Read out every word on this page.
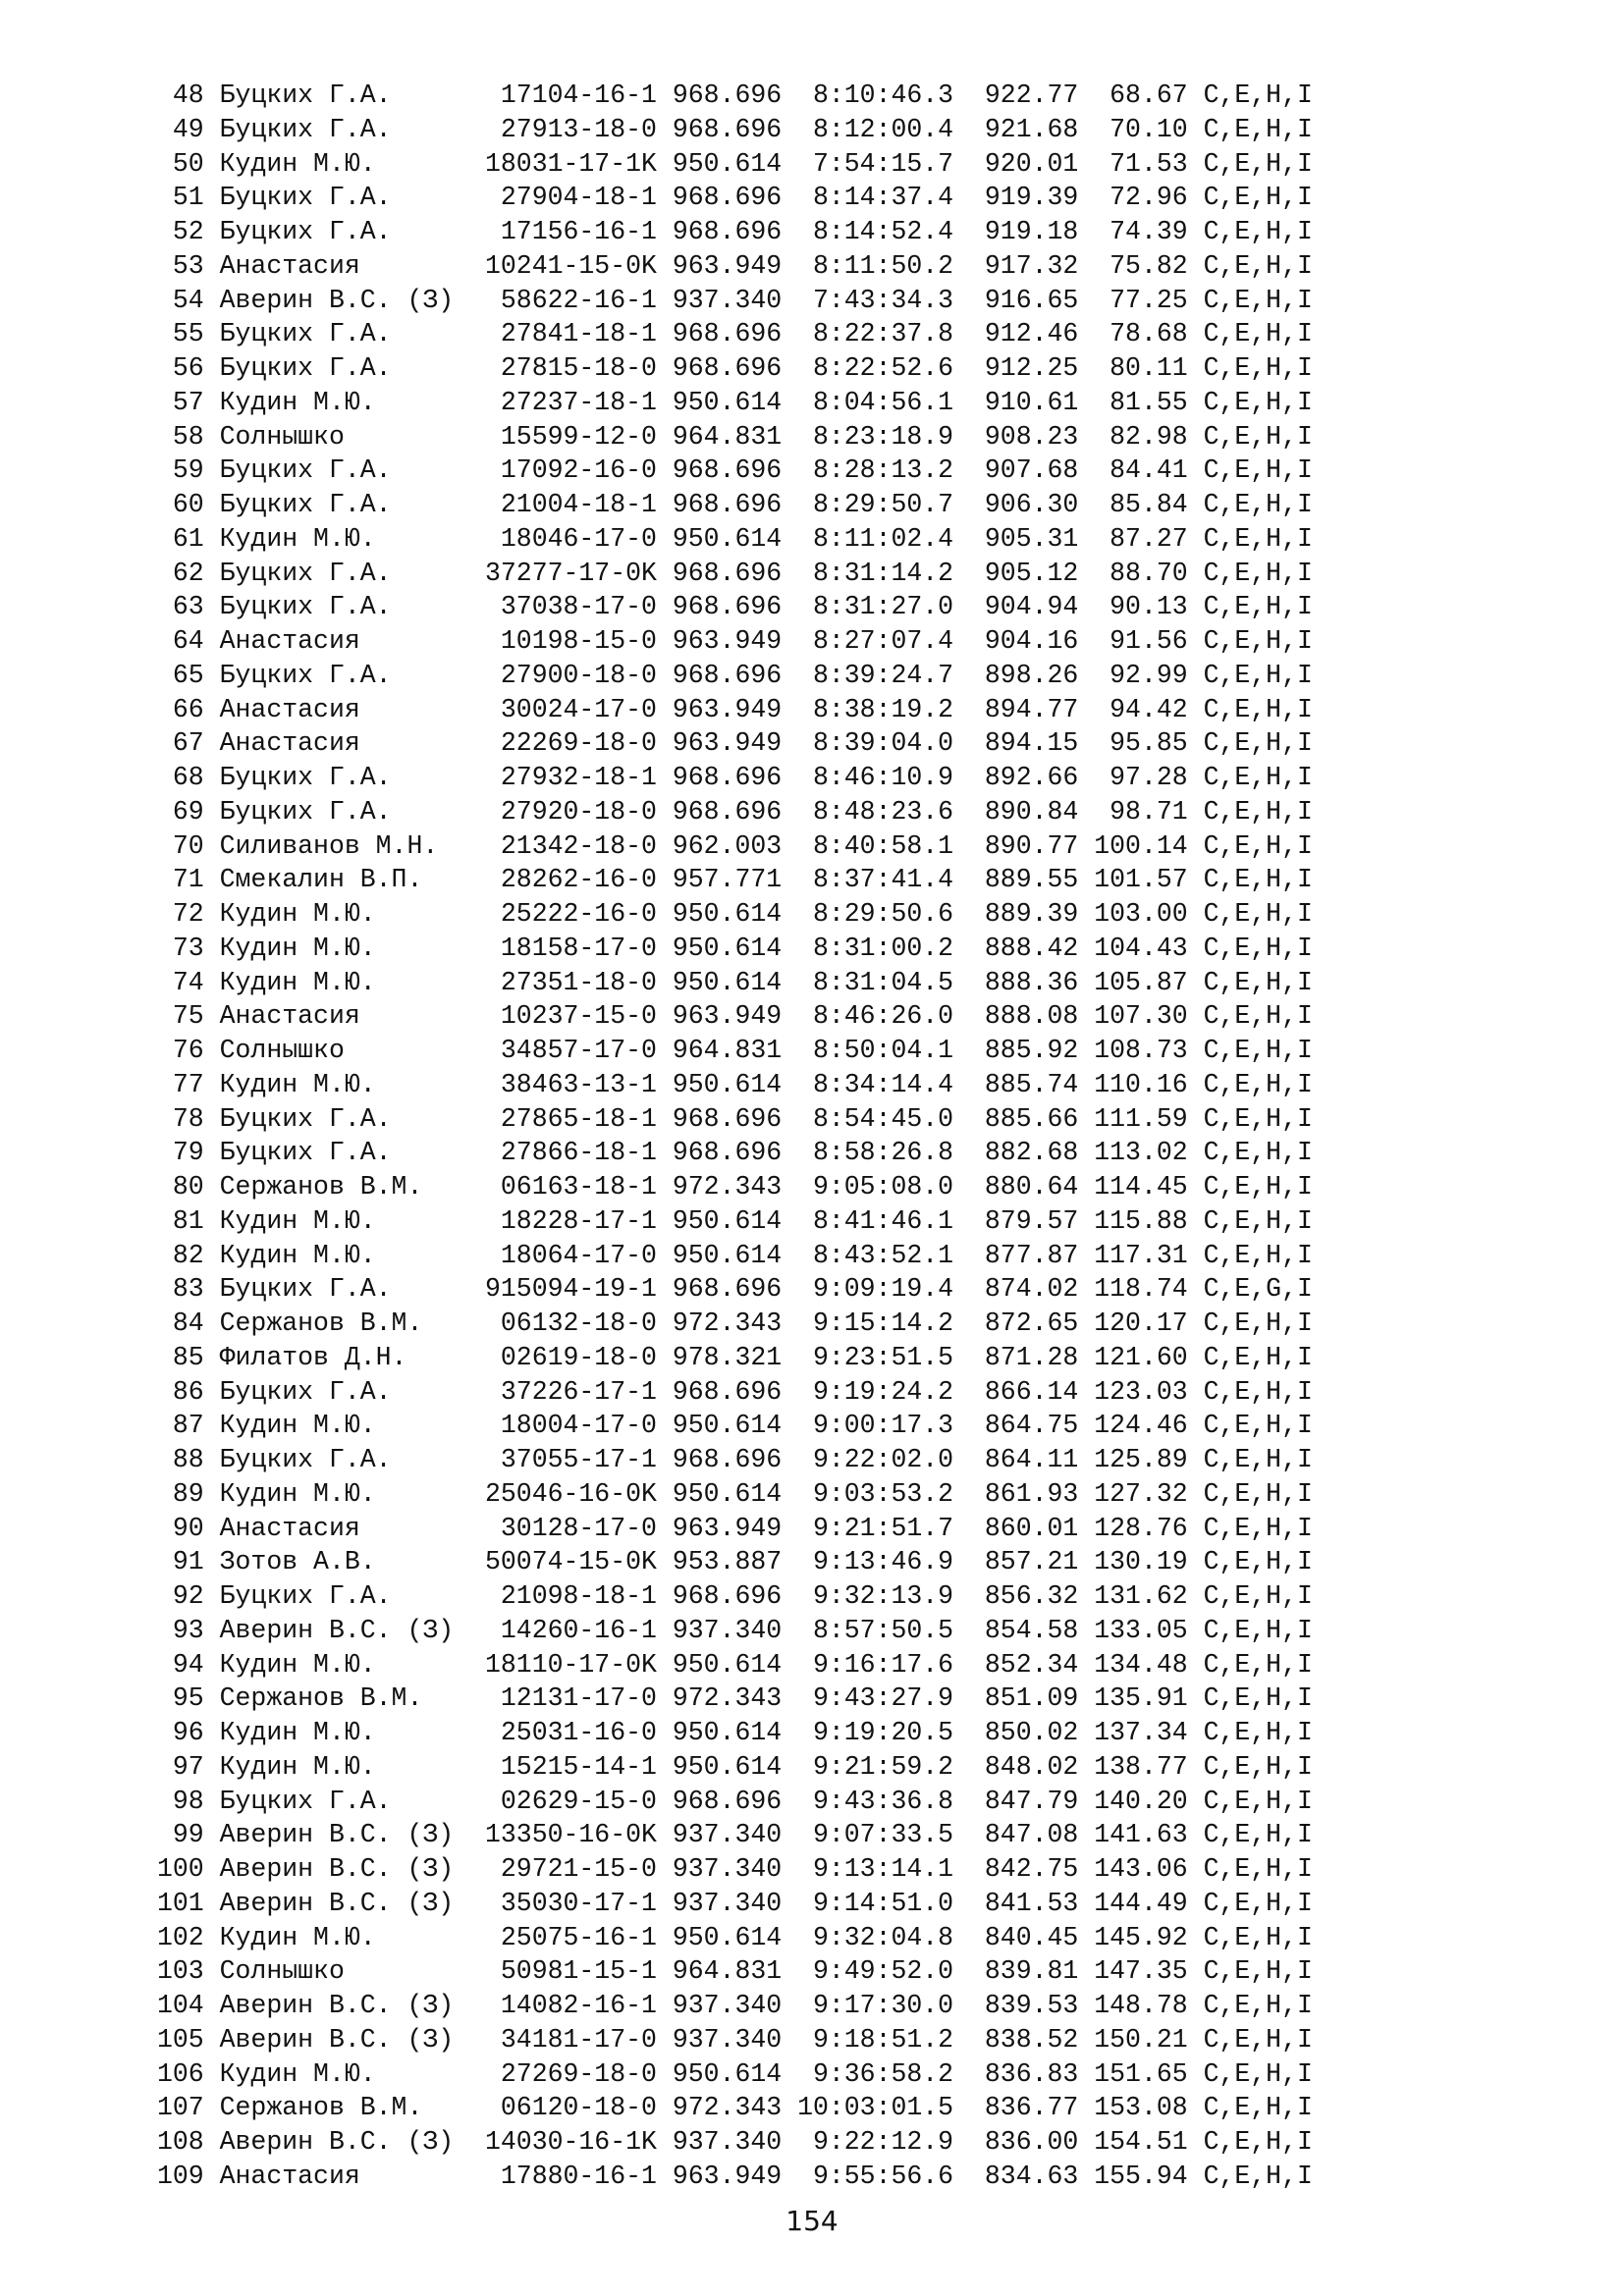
48 Буцких Г.А.       17104-16-1 968.696  8:10:46.3  922.77  68.67 C,E,H,I
49 Буцких Г.А.       27913-18-0 968.696  8:12:00.4  921.68  70.10 C,E,H,I
50 Кудин М.Ю.       18031-17-1K 950.614  7:54:15.7  920.01  71.53 C,E,H,I
51 Буцких Г.А.       27904-18-1 968.696  8:14:37.4  919.39  72.96 C,E,H,I
52 Буцких Г.А.       17156-16-1 968.696  8:14:52.4  919.18  74.39 C,E,H,I
53 Анастасия        10241-15-0K 963.949  8:11:50.2  917.32  75.82 C,E,H,I
54 Аверин В.С. (З)   58622-16-1 937.340  7:43:34.3  916.65  77.25 C,E,H,I
55 Буцких Г.А.       27841-18-1 968.696  8:22:37.8  912.46  78.68 C,E,H,I
56 Буцких Г.А.       27815-18-0 968.696  8:22:52.6  912.25  80.11 C,E,H,I
57 Кудин М.Ю.        27237-18-1 950.614  8:04:56.1  910.61  81.55 C,E,H,I
58 Солнышко          15599-12-0 964.831  8:23:18.9  908.23  82.98 C,E,H,I
59 Буцких Г.А.       17092-16-0 968.696  8:28:13.2  907.68  84.41 C,E,H,I
60 Буцких Г.А.       21004-18-1 968.696  8:29:50.7  906.30  85.84 C,E,H,I
61 Кудин М.Ю.        18046-17-0 950.614  8:11:02.4  905.31  87.27 C,E,H,I
62 Буцких Г.А.      37277-17-0K 968.696  8:31:14.2  905.12  88.70 C,E,H,I
63 Буцких Г.А.       37038-17-0 968.696  8:31:27.0  904.94  90.13 C,E,H,I
64 Анастасия         10198-15-0 963.949  8:27:07.4  904.16  91.56 C,E,H,I
65 Буцких Г.А.       27900-18-0 968.696  8:39:24.7  898.26  92.99 C,E,H,I
66 Анастасия         30024-17-0 963.949  8:38:19.2  894.77  94.42 C,E,H,I
67 Анастасия         22269-18-0 963.949  8:39:04.0  894.15  95.85 C,E,H,I
68 Буцких Г.А.       27932-18-1 968.696  8:46:10.9  892.66  97.28 C,E,H,I
69 Буцких Г.А.       27920-18-0 968.696  8:48:23.6  890.84  98.71 C,E,H,I
70 Силиванов М.Н.    21342-18-0 962.003  8:40:58.1  890.77 100.14 C,E,H,I
71 Смекалин В.П.     28262-16-0 957.771  8:37:41.4  889.55 101.57 C,E,H,I
72 Кудин М.Ю.        25222-16-0 950.614  8:29:50.6  889.39 103.00 C,E,H,I
73 Кудин М.Ю.        18158-17-0 950.614  8:31:00.2  888.42 104.43 C,E,H,I
74 Кудин М.Ю.        27351-18-0 950.614  8:31:04.5  888.36 105.87 C,E,H,I
75 Анастасия         10237-15-0 963.949  8:46:26.0  888.08 107.30 C,E,H,I
76 Солнышко          34857-17-0 964.831  8:50:04.1  885.92 108.73 C,E,H,I
77 Кудин М.Ю.        38463-13-1 950.614  8:34:14.4  885.74 110.16 C,E,H,I
78 Буцких Г.А.       27865-18-1 968.696  8:54:45.0  885.66 111.59 C,E,H,I
79 Буцких Г.А.       27866-18-1 968.696  8:58:26.8  882.68 113.02 C,E,H,I
80 Сержанов В.М.     06163-18-1 972.343  9:05:08.0  880.64 114.45 C,E,H,I
81 Кудин М.Ю.        18228-17-1 950.614  8:41:46.1  879.57 115.88 C,E,H,I
82 Кудин М.Ю.        18064-17-0 950.614  8:43:52.1  877.87 117.31 C,E,H,I
83 Буцких Г.А.      915094-19-1 968.696  9:09:19.4  874.02 118.74 C,E,G,I
84 Сержанов В.М.     06132-18-0 972.343  9:15:14.2  872.65 120.17 C,E,H,I
85 Филатов Д.Н.      02619-18-0 978.321  9:23:51.5  871.28 121.60 C,E,H,I
86 Буцких Г.А.       37226-17-1 968.696  9:19:24.2  866.14 123.03 C,E,H,I
87 Кудин М.Ю.        18004-17-0 950.614  9:00:17.3  864.75 124.46 C,E,H,I
88 Буцких Г.А.       37055-17-1 968.696  9:22:02.0  864.11 125.89 C,E,H,I
89 Кудин М.Ю.       25046-16-0K 950.614  9:03:53.2  861.93 127.32 C,E,H,I
90 Анастасия         30128-17-0 963.949  9:21:51.7  860.01 128.76 C,E,H,I
91 Зотов А.В.       50074-15-0K 953.887  9:13:46.9  857.21 130.19 C,E,H,I
92 Буцких Г.А.       21098-18-1 968.696  9:32:13.9  856.32 131.62 C,E,H,I
93 Аверин В.С. (З)   14260-16-1 937.340  8:57:50.5  854.58 133.05 C,E,H,I
94 Кудин М.Ю.       18110-17-0K 950.614  9:16:17.6  852.34 134.48 C,E,H,I
95 Сержанов В.М.     12131-17-0 972.343  9:43:27.9  851.09 135.91 C,E,H,I
96 Кудин М.Ю.        25031-16-0 950.614  9:19:20.5  850.02 137.34 C,E,H,I
97 Кудин М.Ю.        15215-14-1 950.614  9:21:59.2  848.02 138.77 C,E,H,I
98 Буцких Г.А.       02629-15-0 968.696  9:43:36.8  847.79 140.20 C,E,H,I
99 Аверин В.С. (З)  13350-16-0K 937.340  9:07:33.5  847.08 141.63 C,E,H,I
100 Аверин В.С. (З)   29721-15-0 937.340  9:13:14.1  842.75 143.06 C,E,H,I
101 Аверин В.С. (З)   35030-17-1 937.340  9:14:51.0  841.53 144.49 C,E,H,I
102 Кудин М.Ю.        25075-16-1 950.614  9:32:04.8  840.45 145.92 C,E,H,I
103 Солнышко          50981-15-1 964.831  9:49:52.0  839.81 147.35 C,E,H,I
104 Аверин В.С. (З)   14082-16-1 937.340  9:17:30.0  839.53 148.78 C,E,H,I
105 Аверин В.С. (З)   34181-17-0 937.340  9:18:51.2  838.52 150.21 C,E,H,I
106 Кудин М.Ю.        27269-18-0 950.614  9:36:58.2  836.83 151.65 C,E,H,I
107 Сержанов В.М.     06120-18-0 972.343 10:03:01.5  836.77 153.08 C,E,H,I
108 Аверин В.С. (З)  14030-16-1K 937.340  9:22:12.9  836.00 154.51 C,E,H,I
109 Анастасия         17880-16-1 963.949  9:55:56.6  834.63 155.94 C,E,H,I
154
